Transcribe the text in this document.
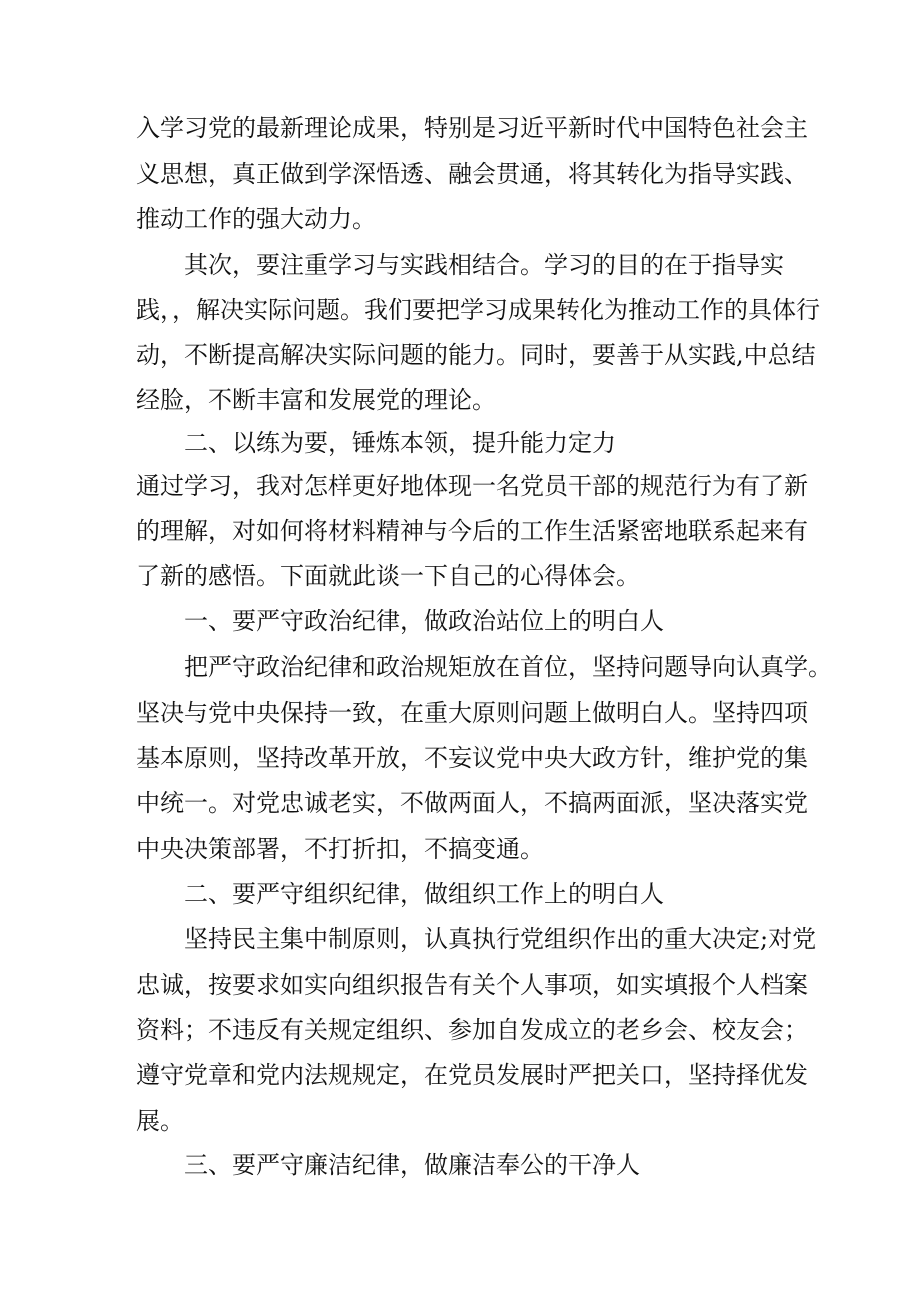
入学习党的最新理论成果，特别是习近平新时代中国特色社会主
义思想，真正做到学深悟透、融会贯通，将其转化为指导实践、
推动工作的强大动力。
其次，要注重学习与实践相结合。学习的目的在于指导实
践，，解决实际问题。我们要把学习成果转化为推动工作的具体行
动，不断提高解决实际问题的能力。同时，要善于从实践,中总结
经脸，不断丰富和发展党的理论。
二、以练为要，锤炼本领，提升能力定力
通过学习，我对怎样更好地体现一名党员干部的规范行为有了新
的理解，对如何将材料精神与今后的工作生活紧密地联系起来有
了新的感悟。下面就此谈一下自己的心得体会。
一、要严守政治纪律，做政治站位上的明白人
把严守政治纪律和政治规矩放在首位，坚持问题导向认真学。
坚决与党中央保持一致，在重大原则问题上做明白人。坚持四项
基本原则，坚持改革开放，不妄议党中央大政方针，维护党的集
中统一。对党忠诚老实，不做两面人，不搞两面派，坚决落实党
中央决策部署，不打折扣，不搞变通。
二、要严守组织纪律，做组织工作上的明白人
坚持民主集中制原则，认真执行党组织作出的重大决定;对党
忠诚，按要求如实向组织报告有关个人事项，如实填报个人档案
资料；不违反有关规定组织、参加自发成立的老乡会、校友会；
遵守党章和党内法规规定，在党员发展时严把关口，坚持择优发
展。
三、要严守廉洁纪律，做廉洁奉公的干净人
